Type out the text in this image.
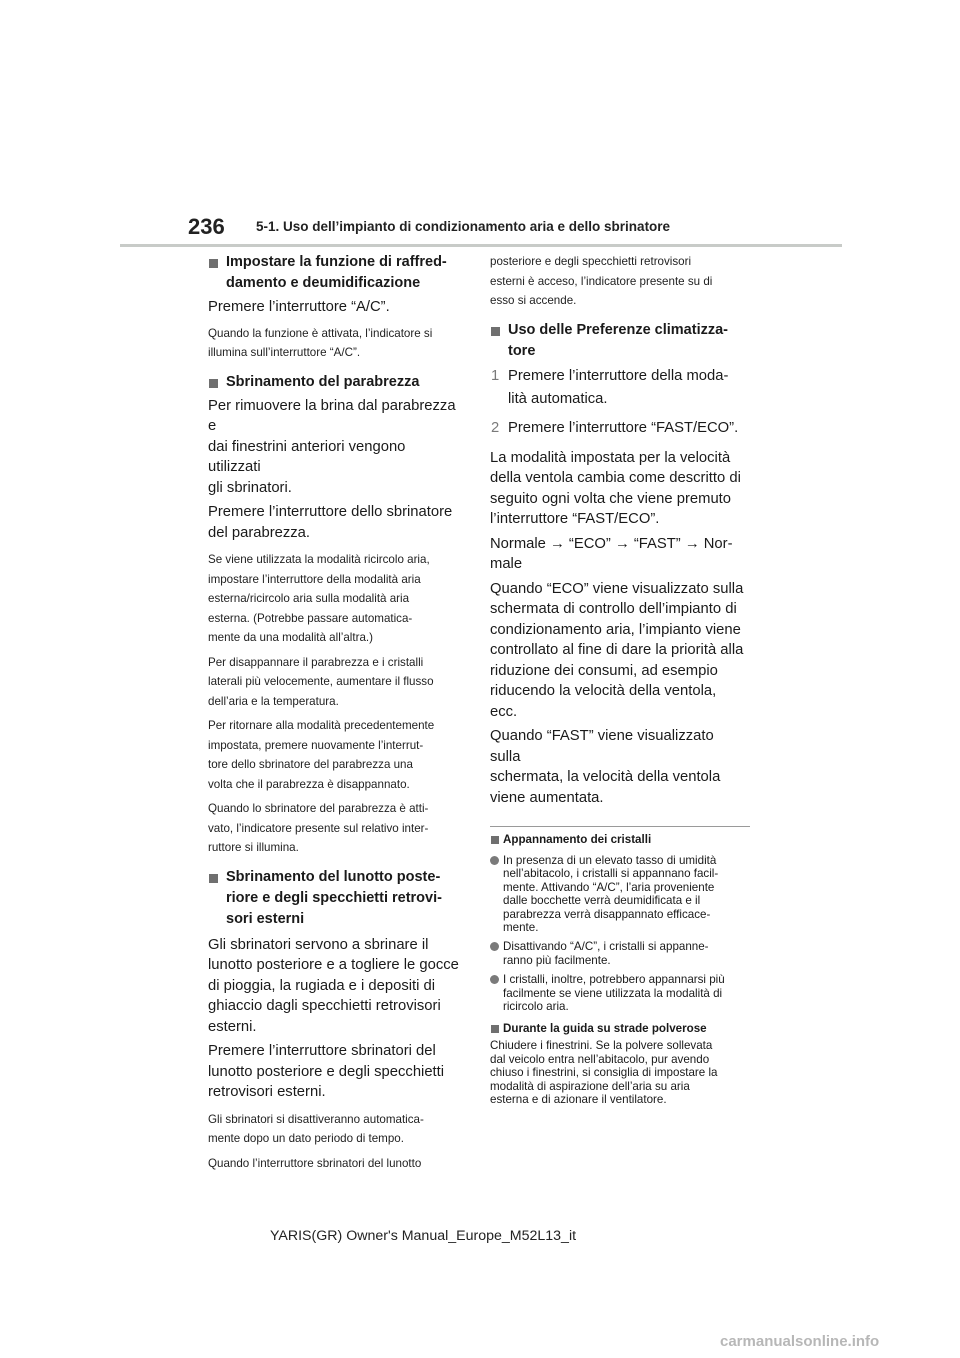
236 5-1. Uso dell’impianto di condizionamento aria e dello sbrinatore
Impostare la funzione di raffred-
damento e deumidificazione
Premere l’interruttore “A/C”.
Quando la funzione è attivata, l’indicatore si
illumina sull’interruttore “A/C”.
Sbrinamento del parabrezza
Per rimuovere la brina dal parabrezza e
dai finestrini anteriori vengono utilizzati
gli sbrinatori.
Premere l’interruttore dello sbrinatore
del parabrezza.
Se viene utilizzata la modalità ricircolo aria,
impostare l’interruttore della modalità aria
esterna/ricircolo aria sulla modalità aria
esterna. (Potrebbe passare automatica-
mente da una modalità all’altra.)
Per disappannare il parabrezza e i cristalli
laterali più velocemente, aumentare il flusso
dell’aria e la temperatura.
Per ritornare alla modalità precedentemente
impostata, premere nuovamente l’interrut-
tore dello sbrinatore del parabrezza una
volta che il parabrezza è disappannato.
Quando lo sbrinatore del parabrezza è atti-
vato, l’indicatore presente sul relativo inter-
ruttore si illumina.
Sbrinamento del lunotto poste-
riore e degli specchietti retrovi-
sori esterni
Gli sbrinatori servono a sbrinare il
lunotto posteriore e a togliere le gocce
di pioggia, la rugiada e i depositi di
ghiaccio dagli specchietti retrovisori
esterni.
Premere l’interruttore sbrinatori del
lunotto posteriore e degli specchietti
retrovisori esterni.
Gli sbrinatori si disattiveranno automatica-
mente dopo un dato periodo di tempo.
Quando l’interruttore sbrinatori del lunotto
posteriore e degli specchietti retrovisori
esterni è acceso, l’indicatore presente su di
esso si accende.
Uso delle Preferenze climatizza-
tore
1 Premere l’interruttore della moda-
lità automatica.
2 Premere l’interruttore “FAST/ECO”.
La modalità impostata per la velocità
della ventola cambia come descritto di
seguito ogni volta che viene premuto
l’interruttore “FAST/ECO”.
Normale → “ECO” → “FAST” → Nor-
male
Quando “ECO” viene visualizzato sulla
schermata di controllo dell’impianto di
condizionamento aria, l’impianto viene
controllato al fine di dare la priorità alla
riduzione dei consumi, ad esempio
riducendo la velocità della ventola, ecc.
Quando “FAST” viene visualizzato sulla
schermata, la velocità della ventola
viene aumentata.
Appannamento dei cristalli
In presenza di un elevato tasso di umidità
nell’abitacolo, i cristalli si appannano facil-
mente. Attivando “A/C”, l’aria proveniente
dalle bocchette verrà deumidificata e il
parabrezza verrà disappannato efficace-
mente.
Disattivando “A/C”, i cristalli si appanne-
ranno più facilmente.
I cristalli, inoltre, potrebbero appannarsi più
facilmente se viene utilizzata la modalità di
ricircolo aria.
Durante la guida su strade polverose
Chiudere i finestrini. Se la polvere sollevata
dal veicolo entra nell’abitacolo, pur avendo
chiuso i finestrini, si consiglia di impostare la
modalità di aspirazione dell’aria su aria
esterna e di azionare il ventilatore.
YARIS(GR) Owner's Manual_Europe_M52L13_it
carmanualsonline.info
